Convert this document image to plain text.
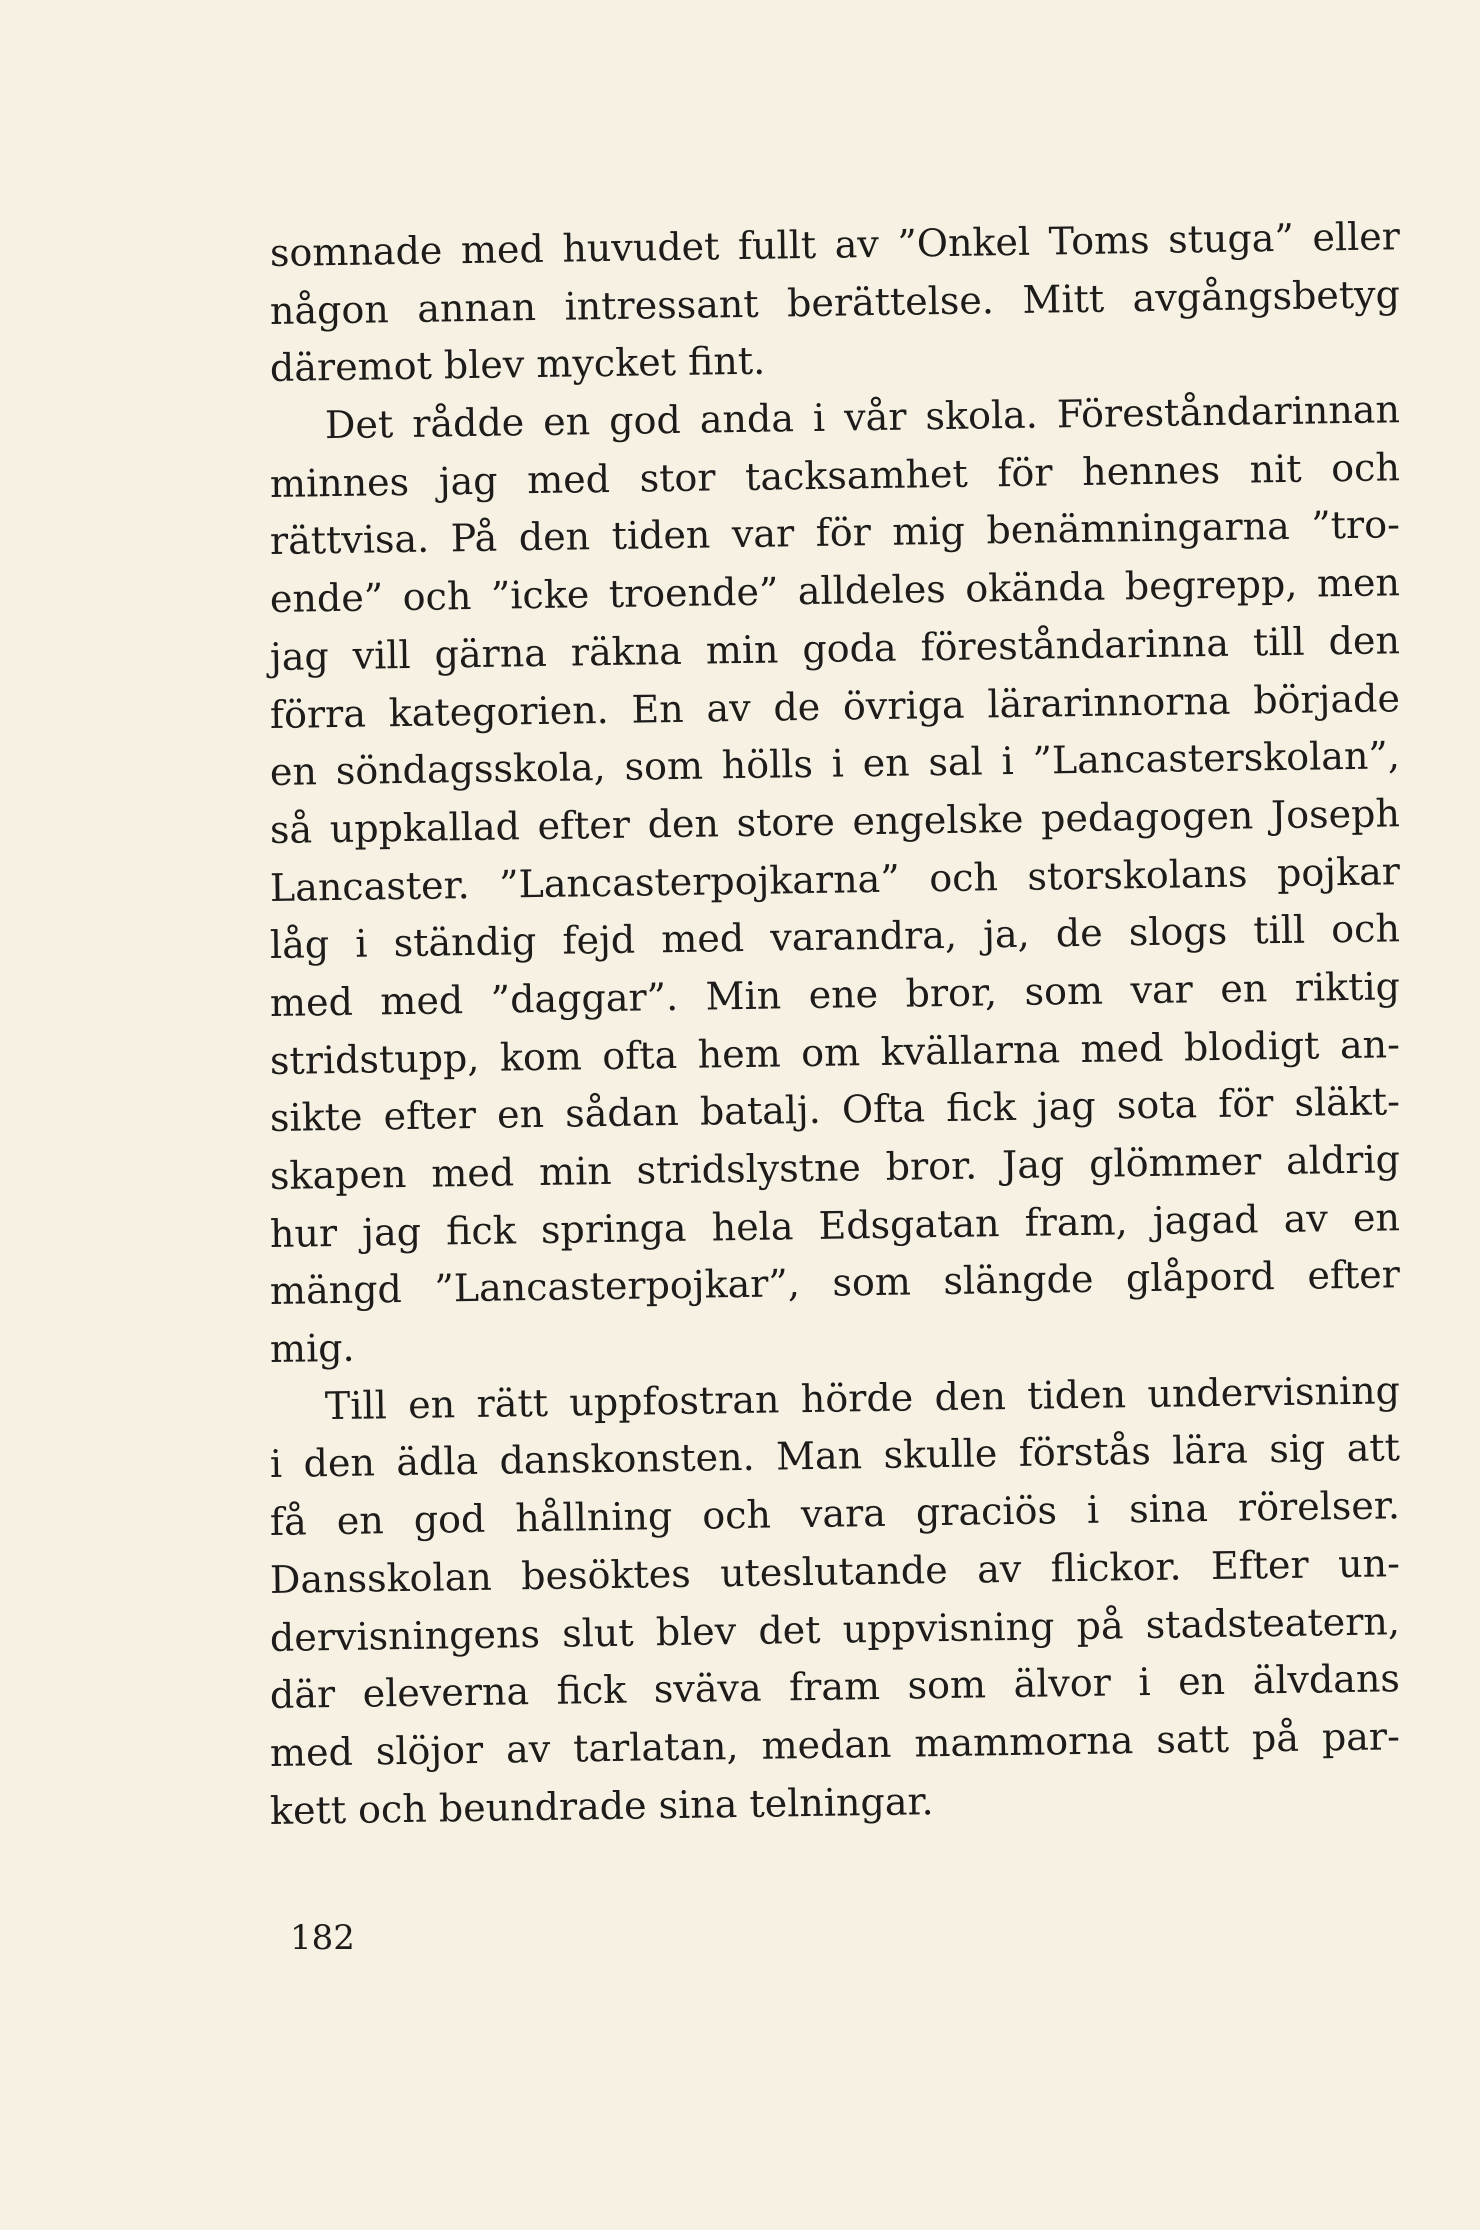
somnade med huvudet fullt av ”Onkel Toms stuga” eller
någon annan intressant berättelse. Mitt avgångsbetyg
däremot blev mycket fint.
Det rådde en god anda i vår skola. Föreståndarinnan
minnes jag med stor tacksamhet för hennes nit och
rättvisa. På den tiden var för mig benämningarna ”tro-
ende” och ”icke troende” alldeles okända begrepp, men
jag vill gärna räkna min goda föreståndarinna till den
förra kategorien. En av de övriga lärarinnorna började
en söndagsskola, som hölls i en sal i ”Lancasterskolan”,
så uppkallad efter den store engelske pedagogen Joseph
Lancaster. ”Lancasterpojkarna” och storskolans pojkar
låg i ständig fejd med varandra, ja, de slogs till och
med med ”daggar”. Min ene bror, som var en riktig
stridstupp, kom ofta hem om kvällarna med blodigt an-
sikte efter en sådan batalj. Ofta fick jag sota för släkt-
skapen med min stridslystne bror. Jag glömmer aldrig
hur jag fick springa hela Edsgatan fram, jagad av en
mängd ”Lancasterpojkar”, som slängde glåpord efter
mig.
Till en rätt uppfostran hörde den tiden undervisning
i den ädla danskonsten. Man skulle förstås lära sig att
få en god hållning och vara graciös i sina rörelser.
Dansskolan besöktes uteslutande av flickor. Efter un-
dervisningens slut blev det uppvisning på stadsteatern,
där eleverna fick sväva fram som älvor i en älvdans
med slöjor av tarlatan, medan mammorna satt på par-
kett och beundrade sina telningar.
182
